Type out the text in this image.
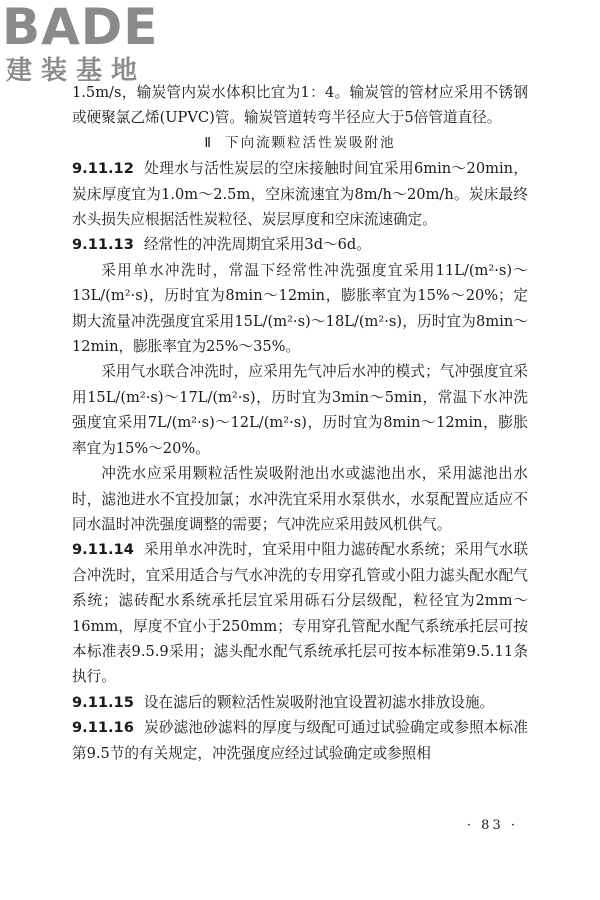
BADE
建装基地

1.5m/s，输炭管内炭水体积比宜为1：4。输炭管的管材应采用不锈钢或硬聚氯乙烯(UPVC)管。输炭管道转弯半径应大于5倍管道直径。

Ⅱ 下向流颗粒活性炭吸附池

9.11.12 处理水与活性炭层的空床接触时间宜采用6min～20min，炭床厚度宜为1.0m～2.5m，空床流速宜为8m/h～20m/h。炭床最终水头损失应根据活性炭粒径、炭层厚度和空床流速确定。

9.11.13 经常性的冲洗周期宜采用3d～6d。

采用单水冲洗时，常温下经常性冲洗强度宜采用11L/(m²·s)～13L/(m²·s)，历时宜为8min～12min，膨胀率宜为15%～20%；定期大流量冲洗强度宜采用15L/(m²·s)～18L/(m²·s)，历时宜为8min～12min，膨胀率宜为25%～35%。

采用气水联合冲洗时，应采用先气冲后水冲的模式；气冲强度宜采用15L/(m²·s)～17L/(m²·s)，历时宜为3min～5min，常温下水冲洗强度宜采用7L/(m²·s)～12L/(m²·s)，历时宜为8min～12min，膨胀率宜为15%～20%。

冲洗水应采用颗粒活性炭吸附池出水或滤池出水，采用滤池出水时，滤池进水不宜投加氯；水冲洗宜采用水泵供水，水泵配置应适应不同水温时冲洗强度调整的需要；气冲洗应采用鼓风机供气。

9.11.14 采用单水冲洗时，宜采用中阻力滤砖配水系统；采用气水联合冲洗时，宜采用适合与气水冲洗的专用穿孔管或小阻力滤头配水配气系统；滤砖配水系统承托层宜采用砾石分层级配，粒径宜为2mm～16mm，厚度不宜小于250mm；专用穿孔管配水配气系统承托层可按本标准表9.5.9采用；滤头配水配气系统承托层可按本标准第9.5.11条执行。

9.11.15 设在滤后的颗粒活性炭吸附池宜设置初滤水排放设施。

9.11.16 炭砂滤池砂滤料的厚度与级配可通过试验确定或参照本标准第9.5节的有关规定，冲洗强度应经过试验确定或参照相

· 83 ·
